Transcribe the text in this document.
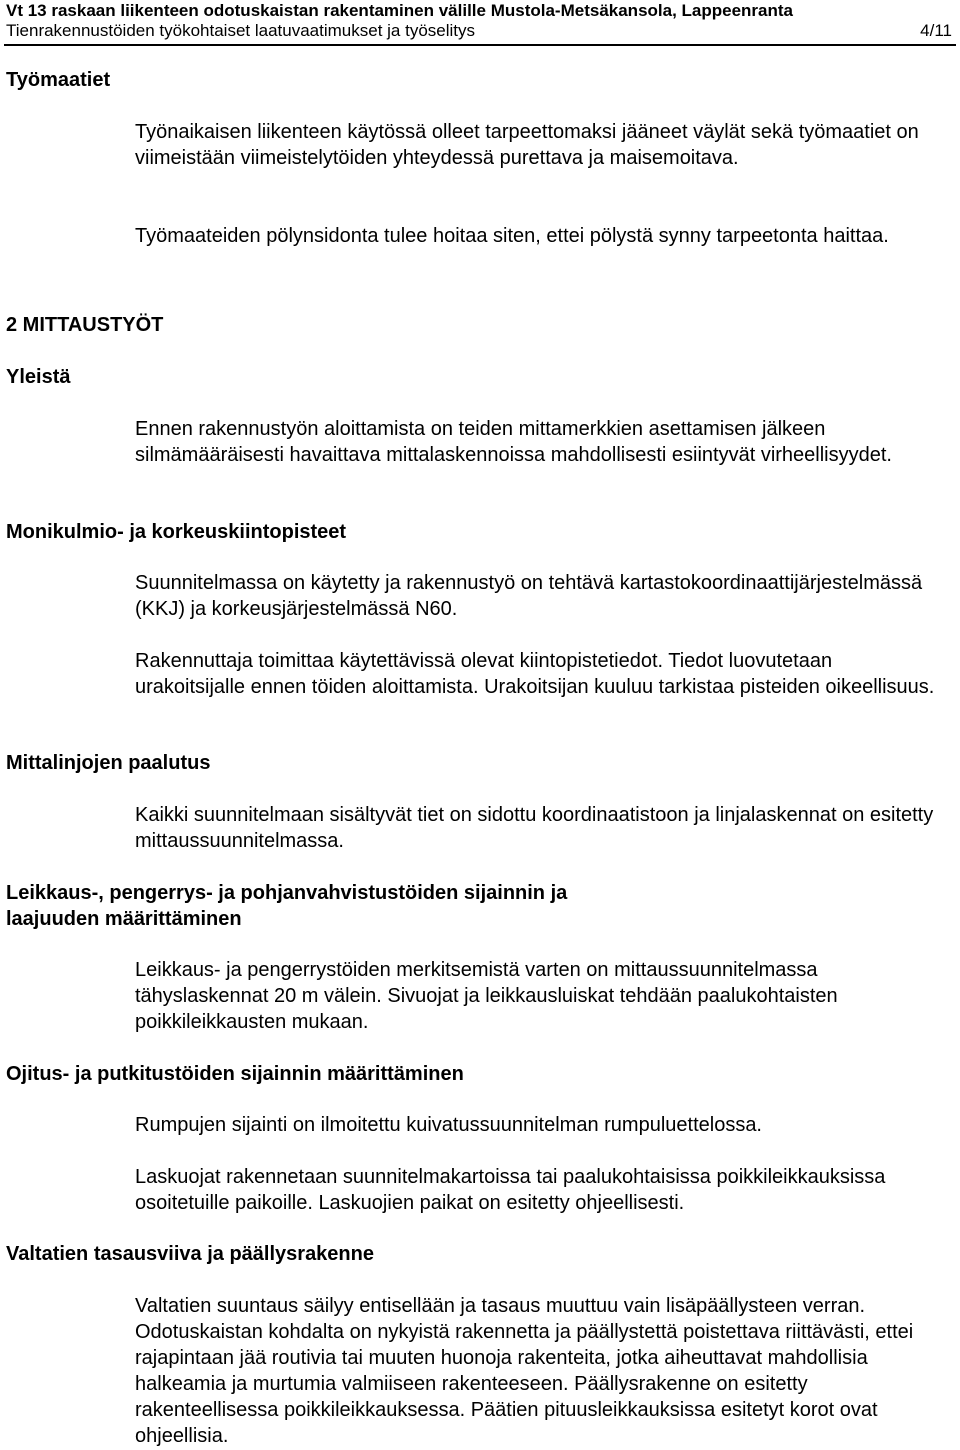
Vt 13 raskaan liikenteen odotuskaistan rakentaminen välille Mustola-Metsäkansola, Lappeenranta
Tienrakennustöiden työkohtaiset laatuvaatimukset ja työselitys	4/11
Työmaatiet
Työnaikaisen liikenteen käytössä olleet tarpeettomaksi jääneet väylät sekä työmaatiet on viimeistään viimeistelytöiden yhteydessä purettava ja maisemoitava.
Työmaateiden pölynsidonta tulee hoitaa siten, ettei pölystä synny tarpeetonta haittaa.
2 MITTAUSTYÖT
Yleistä
Ennen rakennustyön aloittamista on teiden mittamerkkien asettamisen jälkeen silmämääräisesti havaittava mittalaskennoissa mahdollisesti esiintyvät virheellisyydet.
Monikulmio- ja korkeuskiintopisteet
Suunnitelmassa on käytetty ja rakennustyö on tehtävä kartastokoordinaattijärjestelmässä (KKJ) ja korkeusjärjestelmässä N60.
Rakennuttaja toimittaa käytettävissä olevat kiintopistetiedot. Tiedot luovutetaan urakoitsijalle ennen töiden aloittamista. Urakoitsijan kuuluu tarkistaa pisteiden oikeellisuus.
Mittalinjojen paalutus
Kaikki suunnitelmaan sisältyvät tiet on sidottu koordinaatistoon ja linjalaskennat on esitetty mittaussuunnitelmassa.
Leikkaus-, pengerrys- ja pohjanvahvistustöiden sijainnin ja
laajuuden määrittäminen
Leikkaus- ja pengerrystöiden merkitsemistä varten on mittaussuunnitelmassa tähyslaskennat 20 m välein. Sivuojat ja leikkausluiskat tehdään paalukohtaisten poikkileikkausten mukaan.
Ojitus- ja putkitustöiden sijainnin määrittäminen
Rumpujen sijainti on ilmoitettu kuivatussuunnitelman rumpuluettelossa.
Laskuojat rakennetaan suunnitelmakartoissa tai paalukohtaisissa poikkileikkauksissa osoitetuille paikoille. Laskuojien paikat on esitetty ohjeellisesti.
Valtatien tasausviiva ja päällysrakenne
Valtatien suuntaus säilyy entisellään ja tasaus muuttuu vain lisäpäällysteen verran. Odotuskaistan kohdalta on nykyistä rakennetta ja päällystettä poistettava riittävästi, ettei rajapintaan jää routivia tai muuten huonoja rakenteita, jotka aiheuttavat mahdollisia halkeamia ja murtumia valmiiseen rakenteeseen. Päällysrakenne on esitetty rakenteellisessa poikkileikkauksessa. Päätien pituusleikkauksissa esitetyt korot ovat ohjeellisia.
